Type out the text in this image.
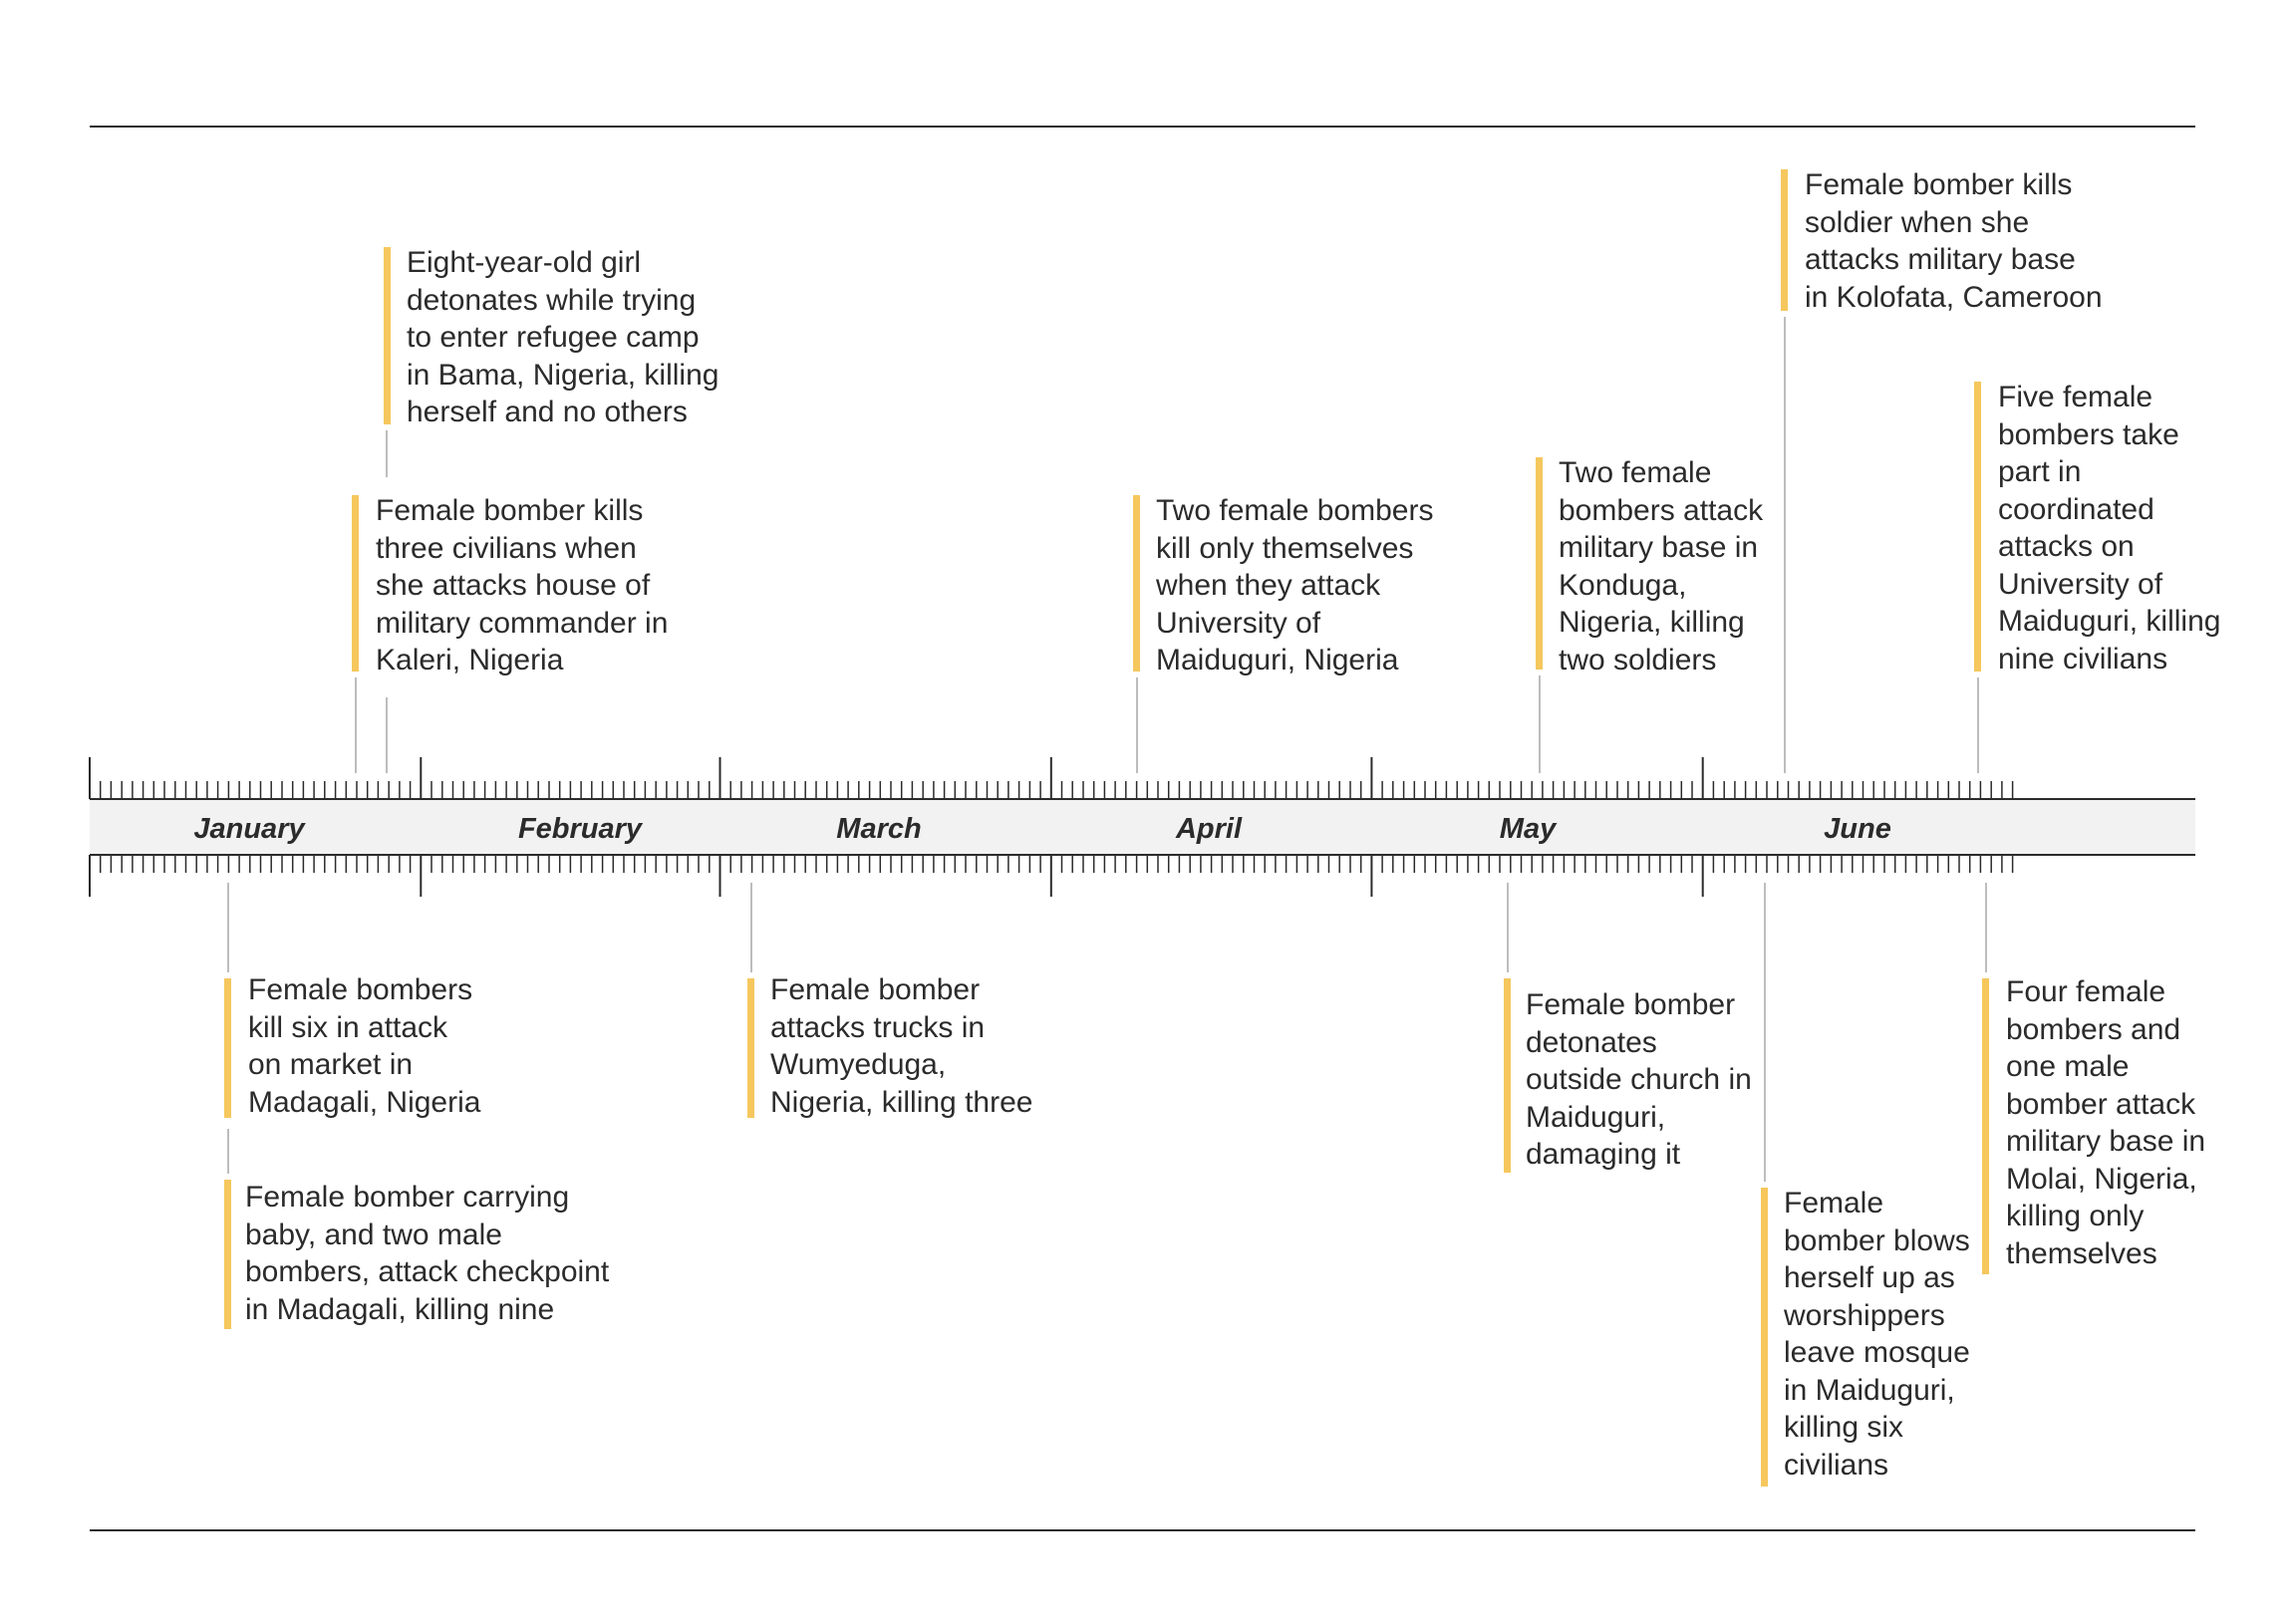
January	February	March	April	May	June

Eight-year-old girl detonates while trying to enter refugee camp in Bama, Nigeria, killing herself and no others

Female bomber kills three civilians when she attacks house of military commander in Kaleri, Nigeria

Two female bombers kill only themselves when they attack University of Maiduguri, Nigeria

Two female bombers attack military base in Konduga, Nigeria, killing two soldiers

Female bomber kills soldier when she attacks military base in Kolofata, Cameroon

Five female bombers take part in coordinated attacks on University of Maiduguri, killing nine civilians

Female bombers kill six in attack on market in Madagali, Nigeria

Female bomber carrying baby, and two male bombers, attack checkpoint in Madagali, killing nine

Female bomber attacks trucks in Wumyeduga, Nigeria, killing three

Female bomber detonates outside church in Maiduguri, damaging it

Female bomber blows herself up as worshippers leave mosque in Maiduguri, killing six civilians

Four female bombers and one male bomber attack military base in Molai, Nigeria, killing only themselves
